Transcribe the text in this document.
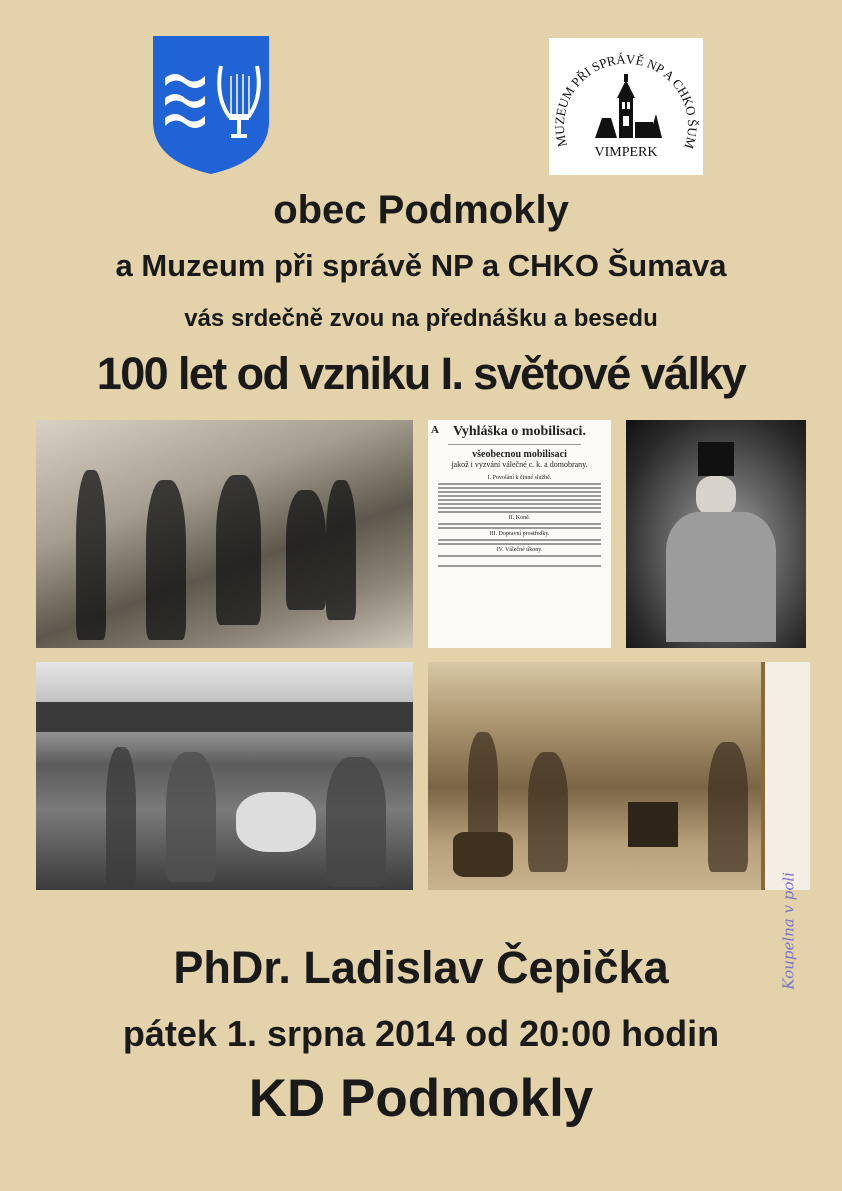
VIMPERK
MUZEUM PŘI SPRÁVĚ NP A CHKO ŠUM
obec Podmokly
a Muzeum při správě NP a CHKO Šumava
vás srdečně zvou na přednášku a besedu
100 let od vzniku I. světové války
A	Vyhláška o mobilisaci.
všeobecnou mobilisaci
jakož i vyzvání válečné c. k. a domobrany.
I. Povolání k činné službě.
II. Koně.
III. Dopravní prostředky.
IV. Válečné úkony.
Koupelna v poli
PhDr. Ladislav Čepička
pátek 1. srpna 2014 od 20:00 hodin
KD Podmokly
